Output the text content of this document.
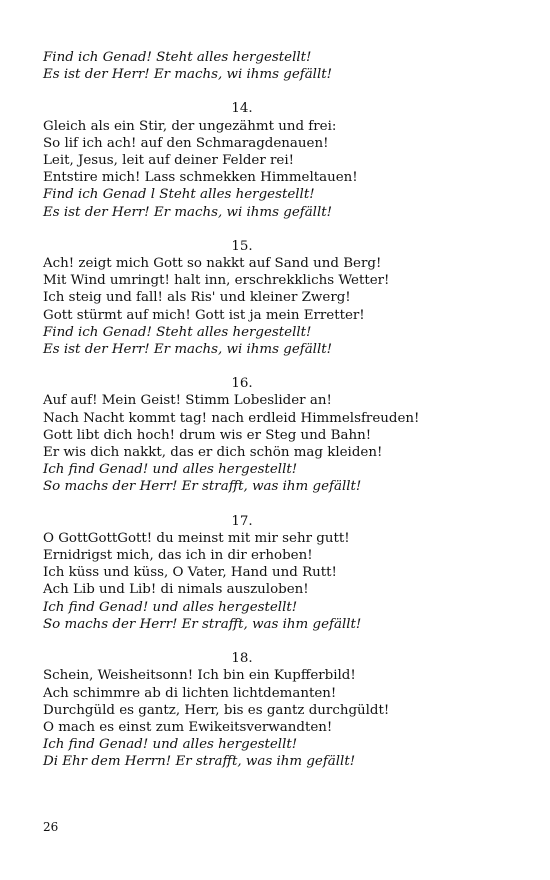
Find ich Genad! Steht alles hergestellt!
Es ist der Herr! Er machs, wi ihms gefällt!
14.
Gleich als ein Stir, der ungezähmt und frei:
So lif ich ach! auf den Schmaragdenauen!
Leit, Jesus, leit auf deiner Felder rei!
Entstire mich! Lass schmekken Himmeltauen!
Find ich Genad l Steht alles hergestellt!
Es ist der Herr! Er machs, wi ihms gefällt!
15.
Ach! zeigt mich Gott so nakkt auf Sand und Berg!
Mit Wind umringt! halt inn, erschrekklichs Wetter!
Ich steig und fall! als Ris' und kleiner Zwerg!
Gott stürmt auf mich! Gott ist ja mein Erretter!
Find ich Genad! Steht alles hergestellt!
Es ist der Herr! Er machs, wi ihms gefällt!
16.
Auf auf! Mein Geist! Stimm Lobeslider an!
Nach Nacht kommt tag! nach erdleid Himmelsfreuden!
Gott libt dich hoch! drum wis er Steg und Bahn!
Er wis dich nakkt, das er dich schön mag kleiden!
Ich find Genad! und alles hergestellt!
So machs der Herr! Er strafft, was ihm gefällt!
17.
O GottGottGott! du meinst mit mir sehr gutt!
Ernidrigst mich, das ich in dir erhoben!
Ich küss und küss, O Vater, Hand und Rutt!
Ach Lib und Lib! di nimals auszuloben!
Ich find Genad! und alles hergestellt!
So machs der Herr! Er strafft, was ihm gefällt!
18.
Schein, Weisheitsonn! Ich bin ein Kupfferbild!
Ach schimmre ab di lichten lichtdemanten!
Durchgüld es gantz, Herr, bis es gantz durchgüldt!
O mach es einst zum Ewikeitsverwandten!
Ich find Genad! und alles hergestellt!
Di Ehr dem Herrn! Er strafft, was ihm gefällt!
26
